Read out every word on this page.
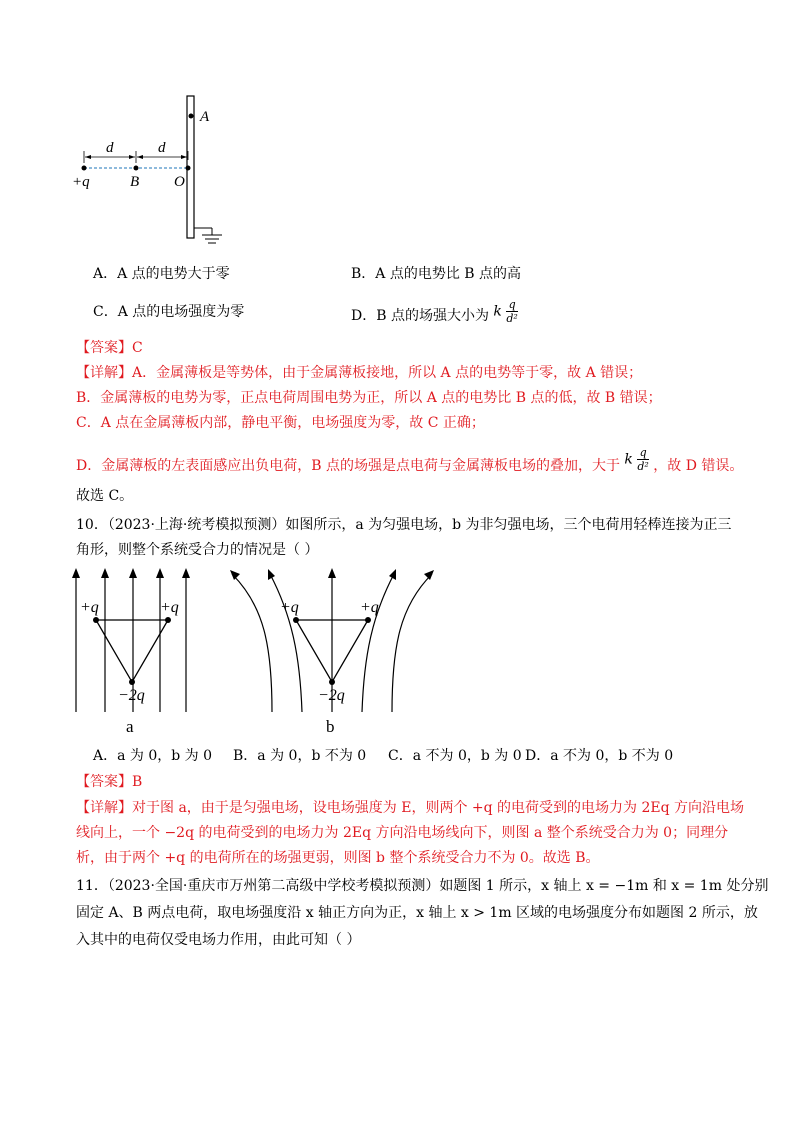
A
d	d
+q	B O
A．A 点的电势大于零	B．A 点的电势比 B 点的高
C．A 点的电场强度为零	D．B 点的场强大小为 k $\frac{q}{\text{d²}}$
【答案】C
【详解】A．金属薄板是等势体，由于金属薄板接地，所以 A 点的电势等于零，故 A 错误；
B．金属薄板的电势为零，正点电荷周围电势为正，所以 A 点的电势比 B 点的低，故 B 错误；
C．A 点在金属薄板内部，静电平衡，电场强度为零，故 C 正确；
D．金属薄板的左表面感应出负电荷，B 点的场强是点电荷与金属薄板电场的叠加，大于 k $\frac{q}{\text{d²}}$ ，故 D 错误。
故选 C。
10．（2023·上海·统考模拟预测）如图所示，a 为匀强电场，b 为非匀强电场，三个电荷用轻棒连接为正三
角形，则整个系统受合力的情况是（ ）
+q	+q
−2q
a
+q	+q
−2q
b
A．a 为 0，b 为 0 B．a 为 0，b 不为 0 C．a 不为 0，b 为 0 D．a 不为 0，b 不为 0
【答案】B
【详解】对于图 a，由于是匀强电场，设电场强度为 E，则两个 +q 的电荷受到的电场力为 2Eq 方向沿电场
线向上，一个 −2q 的电荷受到的电场力为 2Eq 方向沿电场线向下，则图 a 整个系统受合力为 0；同理分
析，由于两个 +q 的电荷所在的场强更弱，则图 b 整个系统受合力不为 0。故选 B。
11．（2023·全国·重庆市万州第二高级中学校考模拟预测）如题图 1 所示，x 轴上 x = −1m 和 x = 1m 处分别
固定 A、B 两点电荷，取电场强度沿 x 轴正方向为正，x 轴上 x > 1m 区域的电场强度分布如题图 2 所示，放
入其中的电荷仅受电场力作用，由此可知（ ）
